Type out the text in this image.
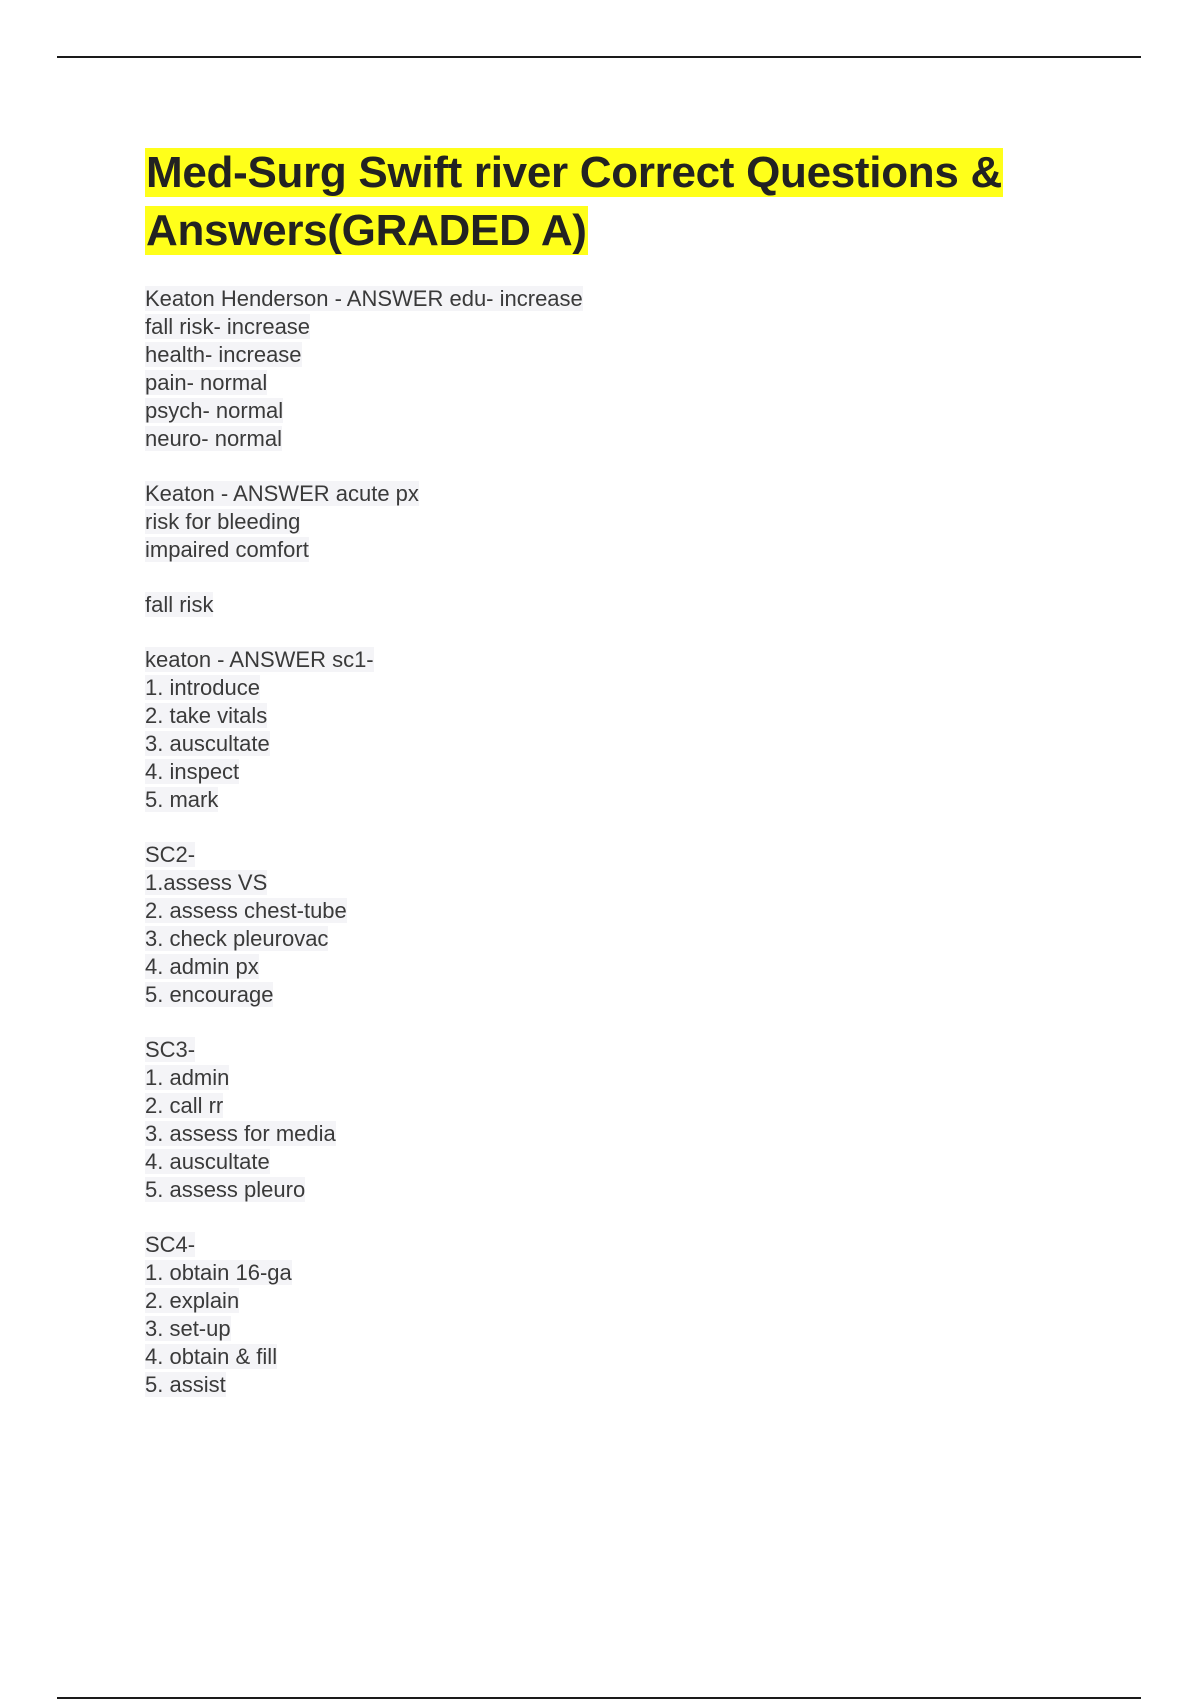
Med-Surg Swift river Correct Questions & Answers(GRADED A)
Keaton Henderson - ANSWER edu- increase
fall risk- increase
health- increase
pain- normal
psych- normal
neuro- normal
Keaton - ANSWER acute px
risk for bleeding
impaired comfort
fall risk
keaton - ANSWER sc1-
1. introduce
2. take vitals
3. auscultate
4. inspect
5. mark
SC2-
1.assess VS
2. assess chest-tube
3. check pleurovac
4. admin px
5. encourage
SC3-
1. admin
2. call rr
3. assess for media
4. auscultate
5. assess pleuro
SC4-
1. obtain 16-ga
2. explain
3. set-up
4. obtain & fill
5. assist
